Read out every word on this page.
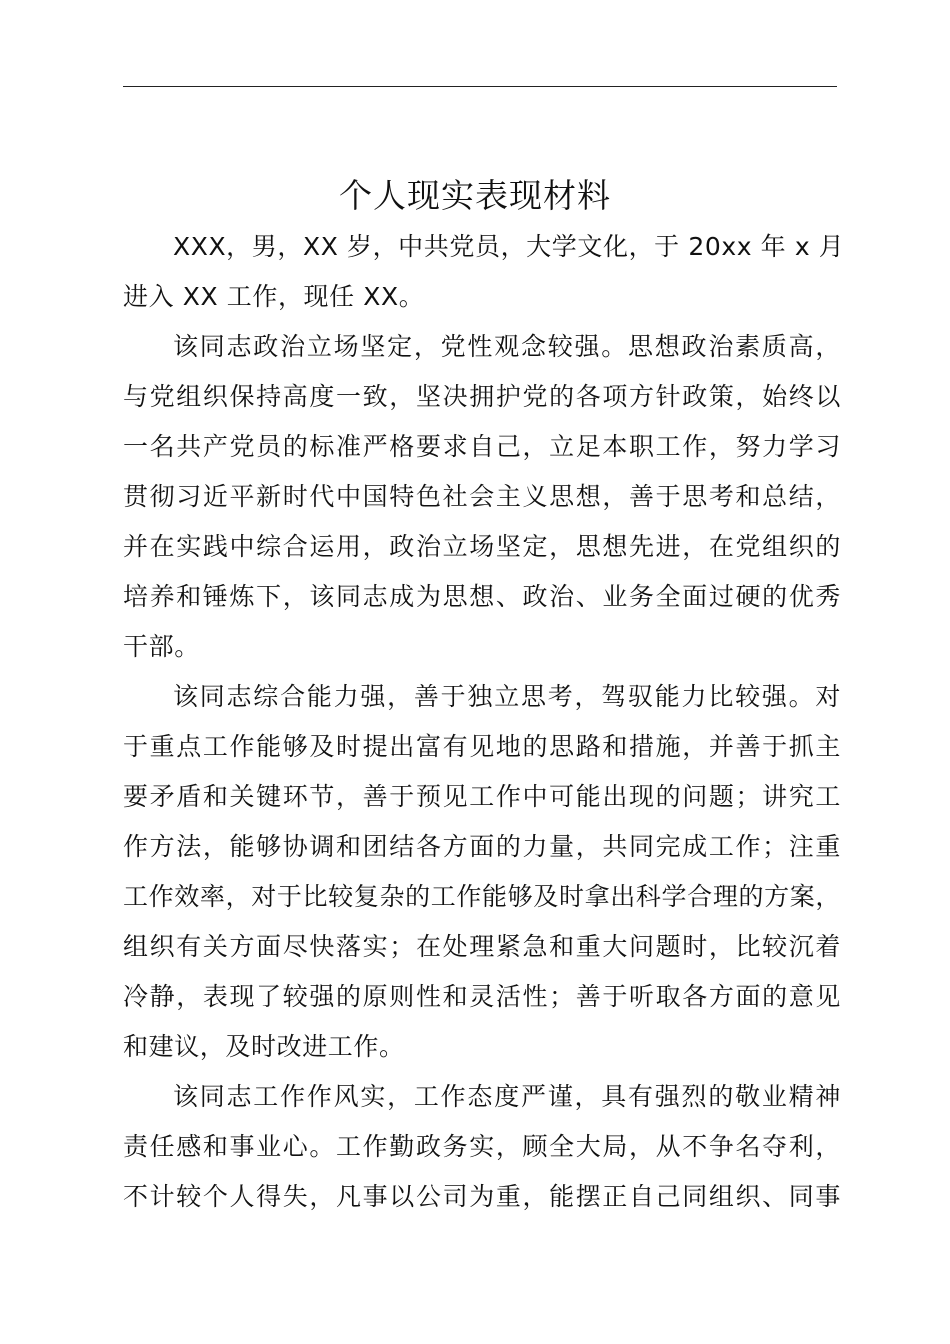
个人现实表现材料

XXX，男，XX 岁，中共党员，大学文化，于 20xx 年 x 月
进入 XX 工作，现任 XX。

该同志政治立场坚定，党性观念较强。思想政治素质高，
与党组织保持高度一致，坚决拥护党的各项方针政策，始终以
一名共产党员的标准严格要求自己，立足本职工作，努力学习
贯彻习近平新时代中国特色社会主义思想，善于思考和总结，
并在实践中综合运用，政治立场坚定，思想先进，在党组织的
培养和锤炼下，该同志成为思想、政治、业务全面过硬的优秀
干部。

该同志综合能力强，善于独立思考，驾驭能力比较强。对
于重点工作能够及时提出富有见地的思路和措施，并善于抓主
要矛盾和关键环节，善于预见工作中可能出现的问题；讲究工
作方法，能够协调和团结各方面的力量，共同完成工作；注重
工作效率，对于比较复杂的工作能够及时拿出科学合理的方案，
组织有关方面尽快落实；在处理紧急和重大问题时，比较沉着
冷静，表现了较强的原则性和灵活性；善于听取各方面的意见
和建议，及时改进工作。

该同志工作作风实，工作态度严谨，具有强烈的敬业精神
责任感和事业心。工作勤政务实，顾全大局，从不争名夺利，
不计较个人得失，凡事以公司为重，能摆正自己同组织、同事
